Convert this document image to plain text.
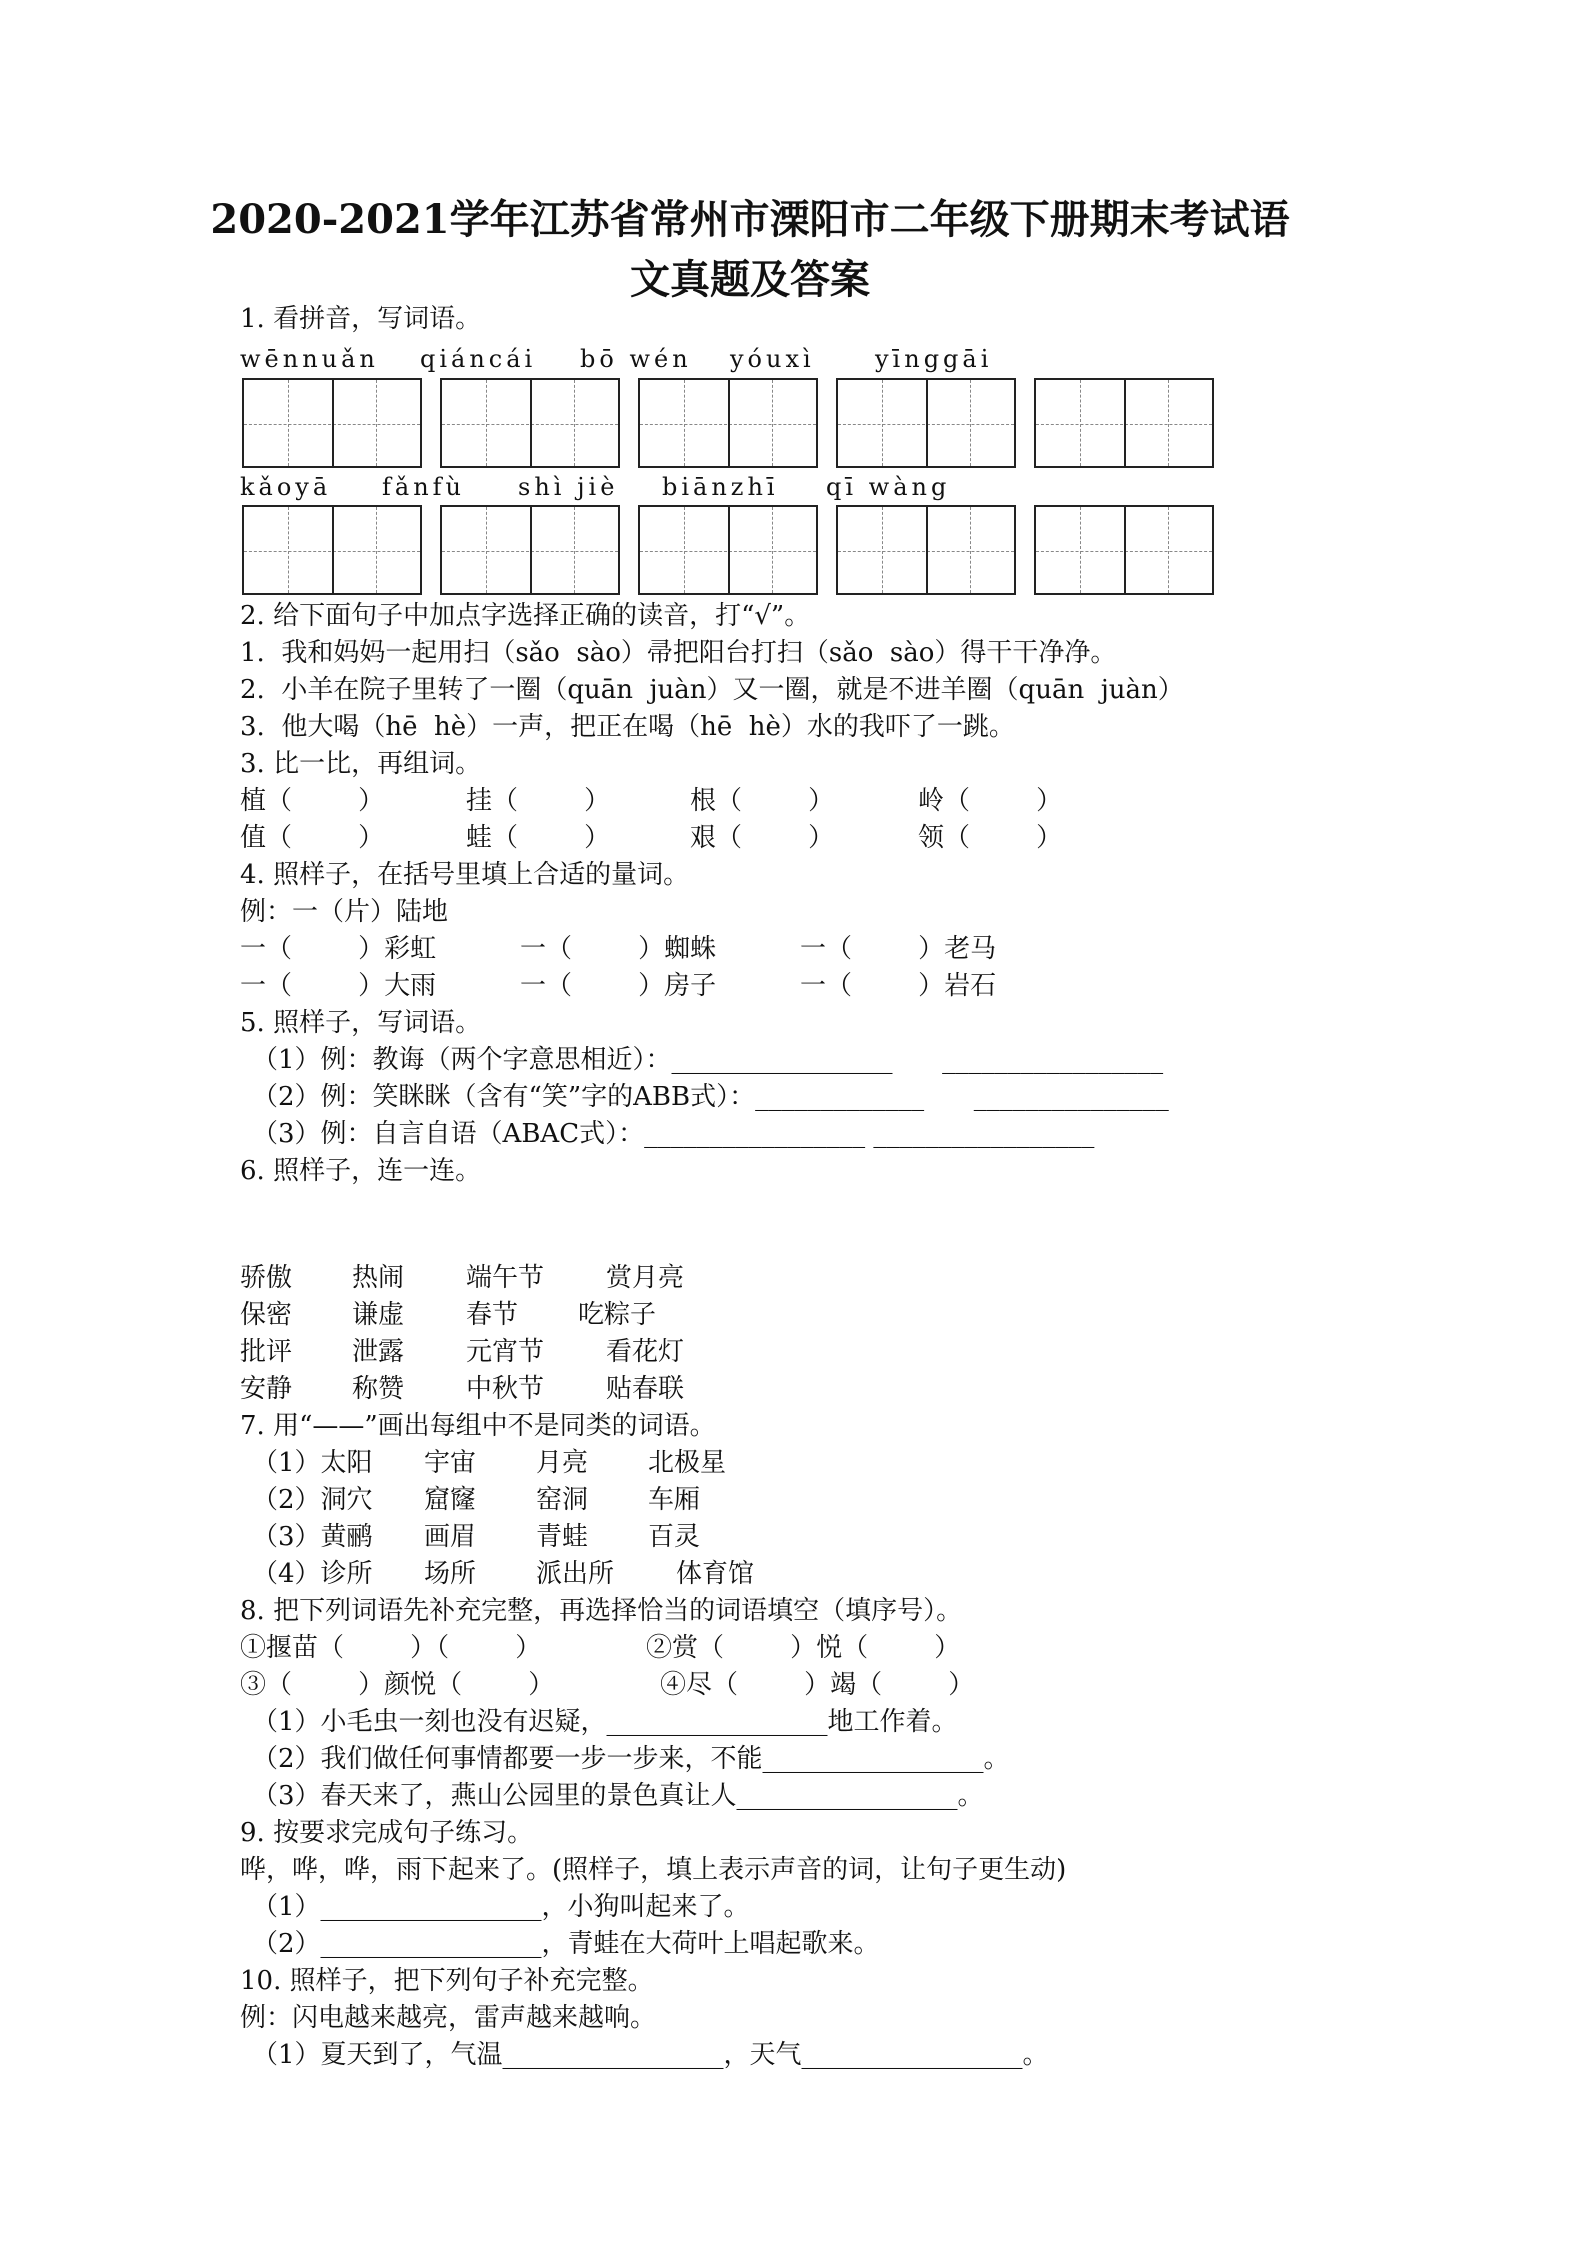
2020-2021学年江苏省常州市溧阳市二年级下册期末考试语文真题及答案
1. 看拼音，写词语。
wēnnuǎn qiáncái bō wén yóuxì	yīnggāi
kǎoyā fǎnfù shì jiè biānzhī qī wàng
2. 给下面句子中加点字选择正确的读音，打“√”。
1.  我和妈妈一起用扫（sǎo  sào）帚把阳台打扫（sǎo  sào）得干干净净。
2.  小羊在院子里转了一圈（quān  juàn）又一圈，就是不进羊圈（quān  juàn）
3.  他大喝（hē  hè）一声，把正在喝（hē  hè）水的我吓了一跳。
3. 比一比，再组词。
植（        ）	挂（        ）	根（        ）	岭（        ）
值（        ）	蛙（        ）	艰（        ）	领（        ）
4. 照样子，在括号里填上合适的量词。
例：一（片）陆地
一（        ）彩虹	一（        ）蜘蛛	一（        ）老马
一（        ）大雨	一（        ）房子	一（        ）岩石
5. 照样子，写词语。
（1）例：教诲（两个字意思相近）：_________________      _________________
（2）例：笑眯眯（含有“笑”字的ABB式）：_____________      _______________
（3）例：自言自语（ABAC式）：_________________ _________________
6. 照样子，连一连。
骄傲 热闹 端午节 赏月亮
保密 谦虚 春节 吃粽子
批评 泄露 元宵节 看花灯
安静 称赞 中秋节 贴春联
7. 用“——”画出每组中不是同类的词语。
（1）太阳 宇宙 月亮 北极星
（2）洞穴 窟窿 窑洞 车厢
（3）黄鹂 画眉 青蛙 百灵
（4）诊所 场所 派出所 体育馆
8. 把下列词语先补充完整，再选择恰当的词语填空（填序号）。
①揠苗（        ）（        ）	②赏（        ）悦（        ）
③（        ）颜悦（        ）	④尽（        ）竭（        ）
（1）小毛虫一刻也没有迟疑，_________________地工作着。
（2）我们做任何事情都要一步一步来，不能_________________。
（3）春天来了，燕山公园里的景色真让人_________________。
9. 按要求完成句子练习。
哗，哗，哗，雨下起来了。(照样子，填上表示声音的词，让句子更生动)
（1）_________________，小狗叫起来了。
（2）_________________，青蛙在大荷叶上唱起歌来。
10. 照样子，把下列句子补充完整。
例：闪电越来越亮，雷声越来越响。
（1）夏天到了，气温_________________，天气_________________。
